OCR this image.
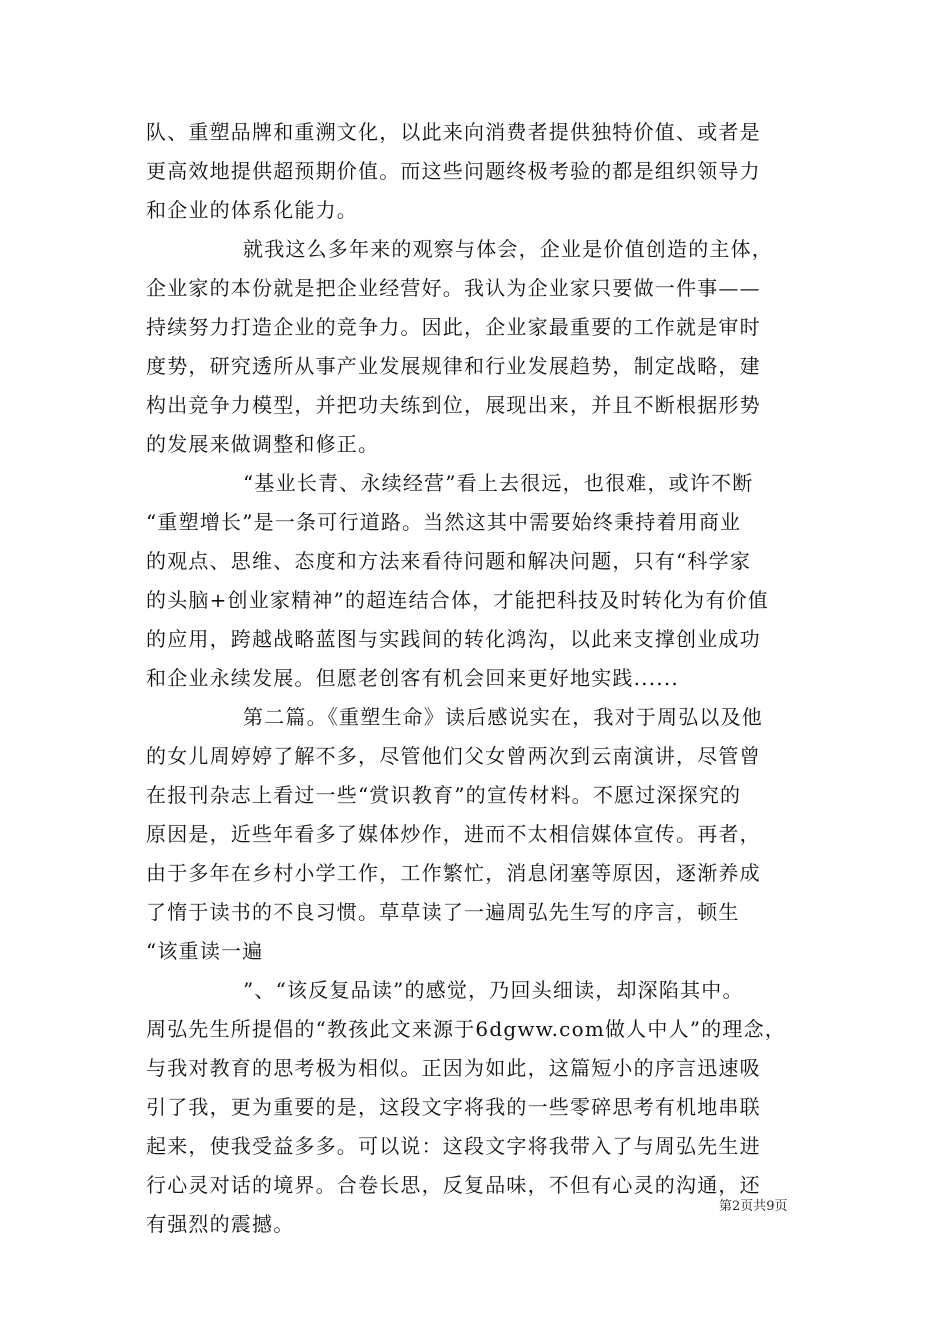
队、重塑品牌和重溯文化，以此来向消费者提供独特价值、或者是
更高效地提供超预期价值。而这些问题终极考验的都是组织领导力
和企业的体系化能力。
就我这么多年来的观察与体会，企业是价值创造的主体，
企业家的本份就是把企业经营好。我认为企业家只要做一件事——
持续努力打造企业的竞争力。因此，企业家最重要的工作就是审时
度势，研究透所从事产业发展规律和行业发展趋势，制定战略，建
构出竞争力模型，并把功夫练到位，展现出来，并且不断根据形势
的发展来做调整和修正。
“基业长青、永续经营”看上去很远，也很难，或许不断
“重塑增长”是一条可行道路。当然这其中需要始终秉持着用商业
的观点、思维、态度和方法来看待问题和解决问题，只有“科学家
的头脑+创业家精神”的超连结合体，才能把科技及时转化为有价值
的应用，跨越战略蓝图与实践间的转化鸿沟，以此来支撑创业成功
和企业永续发展。但愿老创客有机会回来更好地实践......
第二篇。《重塑生命》读后感说实在，我对于周弘以及他
的女儿周婷婷了解不多，尽管他们父女曾两次到云南演讲，尽管曾
在报刊杂志上看过一些“赏识教育”的宣传材料。不愿过深探究的
原因是，近些年看多了媒体炒作，进而不太相信媒体宣传。再者，
由于多年在乡村小学工作，工作繁忙，消息闭塞等原因，逐渐养成
了惰于读书的不良习惯。草草读了一遍周弘先生写的序言，顿生
“该重读一遍
”、“该反复品读”的感觉，乃回头细读，却深陷其中。
周弘先生所提倡的“教孩此文来源于6dgww.com做人中人”的理念，
与我对教育的思考极为相似。正因为如此，这篇短小的序言迅速吸
引了我，更为重要的是，这段文字将我的一些零碎思考有机地串联
起来，使我受益多多。可以说：这段文字将我带入了与周弘先生进
行心灵对话的境界。合卷长思，反复品味，不但有心灵的沟通，还
有强烈的震撼。
第2页共9页
